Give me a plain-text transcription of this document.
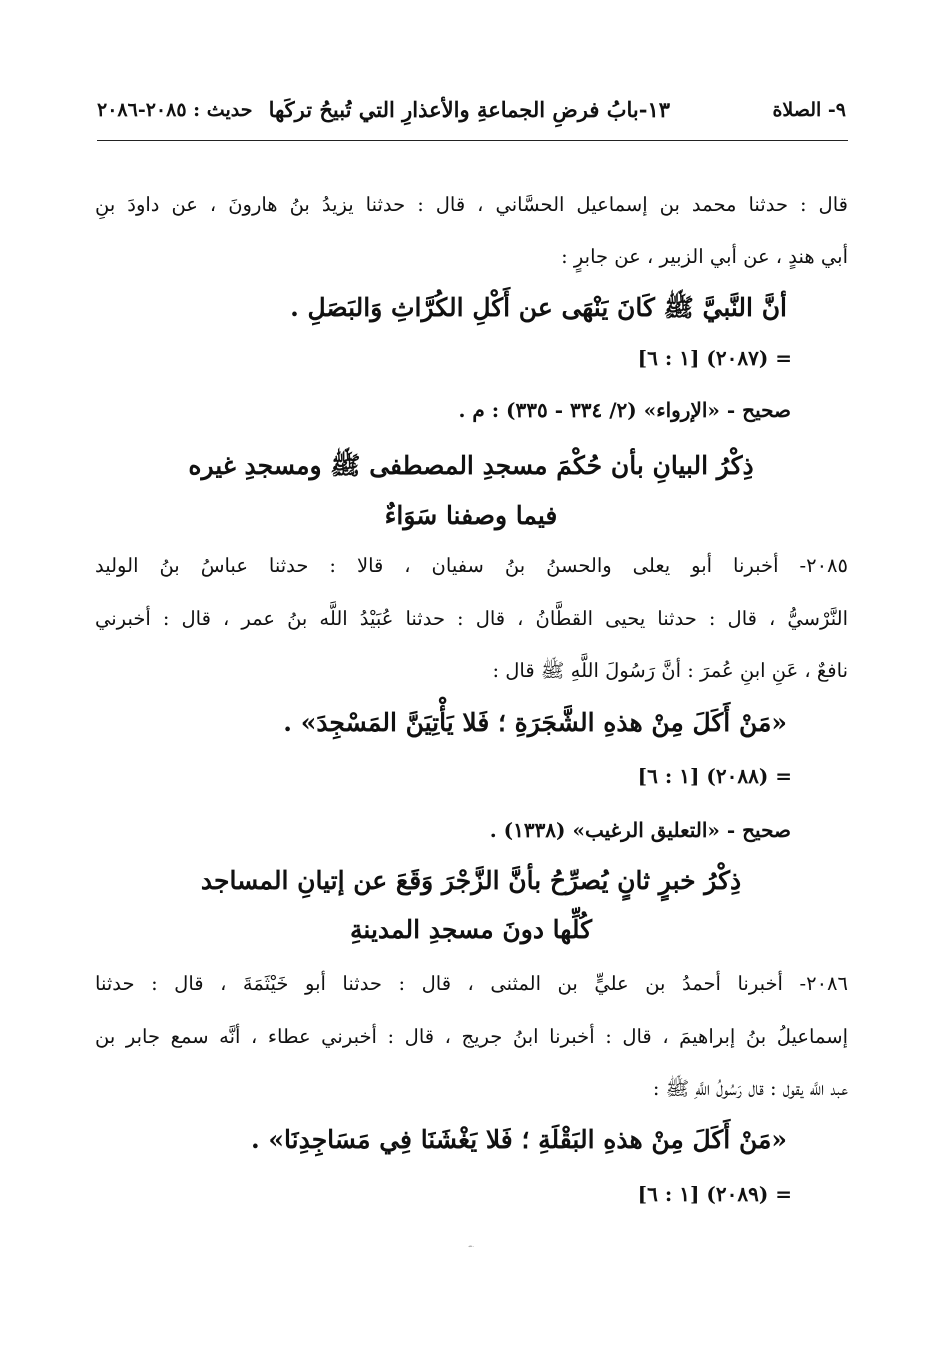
٩- الصلاة
١٣-بابُ فرضِ الجماعةِ والأعذارِ التي تُبيحُ تركَها
حديث : ٢٠٨٥-٢٠٨٦
قال : حدثنا محمد بن إسماعيل الحسَّاني ، قال : حدثنا يزيدُ بنُ هارونَ ، عن داودَ بنِ
أبي هندٍ ، عن أبي الزبير ، عن جابرٍ :
أنَّ النَّبيَّ ﷺ كَانَ يَنْهَى عن أَكْلِ الكُرَّاثِ وَالبَصَلِ .
= (٢٠٨٧) [١ : ٦]
صحيح - «الإرواء» (٢/ ٣٣٤ - ٣٣٥) : م .
ذِكْرُ البيانِ بأن حُكْمَ مسجدِ المصطفى ﷺ ومسجدِ غيره
فيما وصفنا سَوَاءٌ
٢٠٨٥- أخبرنا أبو يعلى والحسنُ بنُ سفيان ، قالا : حدثنا عباسُ بنُ الوليد
النَّرْسيُّ ، قال : حدثنا يحيى القطَّانُ ، قال : حدثنا عُبَيْدُ اللَّه بنُ عمر ، قال : أخبرني
نافعٌ ، عَنِ ابنِ عُمرَ : أنَّ رَسُولَ اللَّهِ ﷺ قال :
«مَنْ أَكَلَ مِنْ هذهِ الشَّجَرَةِ ؛ فَلا يَأْتِيَنَّ المَسْجِدَ» .
= (٢٠٨٨) [١ : ٦]
صحيح - «التعليق الرغيب» (١٣٣٨) .
ذِكْرُ خبرٍ ثانٍ يُصرِّحُ بأنَّ الزَّجْرَ وَقَعَ عن إتيانِ المساجد
كُلِّها دونَ مسجدِ المدينةِ
٢٠٨٦- أخبرنا أحمدُ بن عليٍّ بن المثنى ، قال : حدثنا أبو خَيْثَمَةَ ، قال : حدثنا
إسماعيلُ بنُ إبراهيمَ ، قال : أخبرنا ابنُ جريج ، قال : أخبرني عطاء ، أنَّه سمع جابر بن
عبد اللَّه يقول : قال رَسُولُ اللَّهِ ﷺ :
«مَنْ أَكَلَ مِنْ هذهِ البَقْلَةِ ؛ فَلا يَغْشَنَا فِي مَسَاجِدِنَا» .
= (٢٠٨٩) [١ : ٦]
- ٤٧٠ -
